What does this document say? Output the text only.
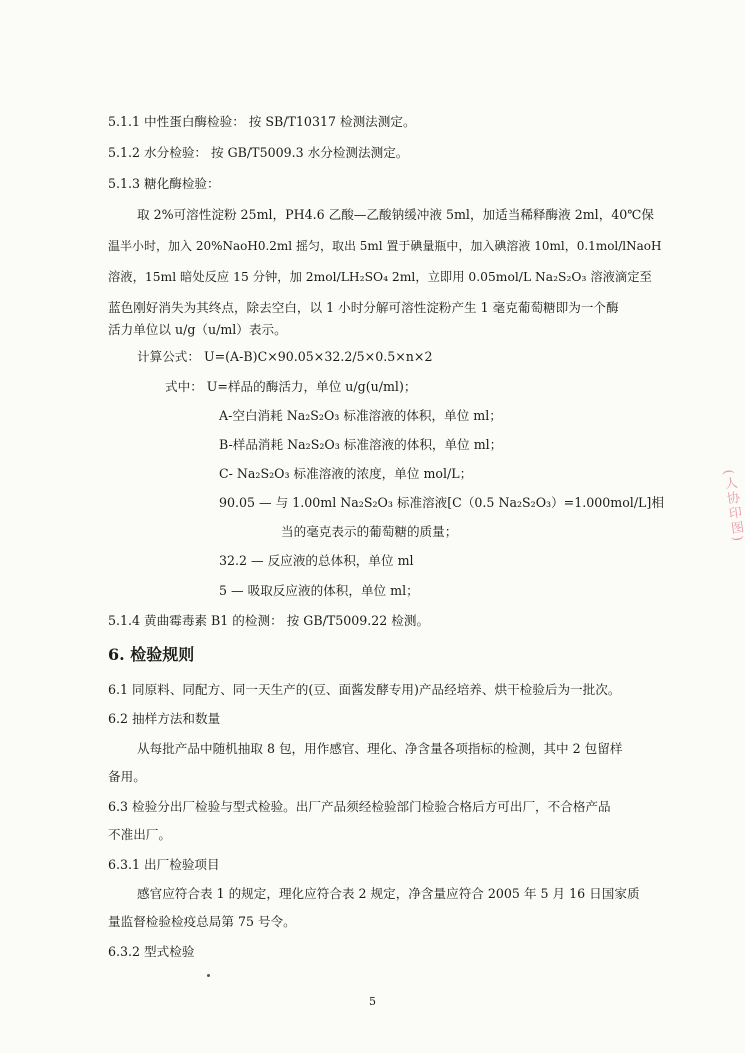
5.1.1 中性蛋白酶检验： 按 SB/T10317 检测法测定。
5.1.2 水分检验： 按 GB/T5009.3 水分检测法测定。
5.1.3 糖化酶检验：
取 2%可溶性淀粉 25ml，PH4.6 乙酸—乙酸钠缓冲液 5ml，加适当稀释酶液 2ml，40℃保
温半小时，加入 20%NaoH0.2ml 摇匀，取出 5ml 置于碘量瓶中，加入碘溶液 10ml，0.1mol/lNaoH
溶液，15ml 暗处反应 15 分钟，加 2mol/LH₂SO₄ 2ml，立即用 0.05mol/L Na₂S₂O₃ 溶液滴定至
蓝色刚好消失为其终点，除去空白，以 1 小时分解可溶性淀粉产生 1 毫克葡萄糖即为一个酶
活力单位以 u/g（u/ml）表示。
计算公式： U=(A-B)C×90.05×32.2/5×0.5×n×2
式中： U=样品的酶活力，单位 u/g(u/ml)；
A-空白消耗 Na₂S₂O₃ 标准溶液的体积，单位 ml；
B-样品消耗 Na₂S₂O₃ 标准溶液的体积，单位 ml；
C- Na₂S₂O₃ 标准溶液的浓度，单位 mol/L；
90.05 — 与 1.00ml Na₂S₂O₃ 标准溶液[C（0.5 Na₂S₂O₃）=1.000mol/L]相
当的毫克表示的葡萄糖的质量；
32.2 — 反应液的总体积，单位 ml
5 — 吸取反应液的体积，单位 ml；
5.1.4 黄曲霉毒素 B1 的检测： 按 GB/T5009.22 检测。
6. 检验规则
6.1 同原料、同配方、同一天生产的(豆、面酱发酵专用)产品经培养、烘干检验后为一批次。
6.2 抽样方法和数量
从每批产品中随机抽取 8 包，用作感官、理化、净含量各项指标的检测，其中 2 包留样
备用。
6.3 检验分出厂检验与型式检验。出厂产品须经检验部门检验合格后方可出厂，不合格产品
不准出厂。
6.3.1 出厂检验项目
感官应符合表 1 的规定，理化应符合表 2 规定，净含量应符合 2005 年 5 月 16 日国家质
量监督检验检疫总局第 75 号令。
6.3.2 型式检验
5
(人协印图)
